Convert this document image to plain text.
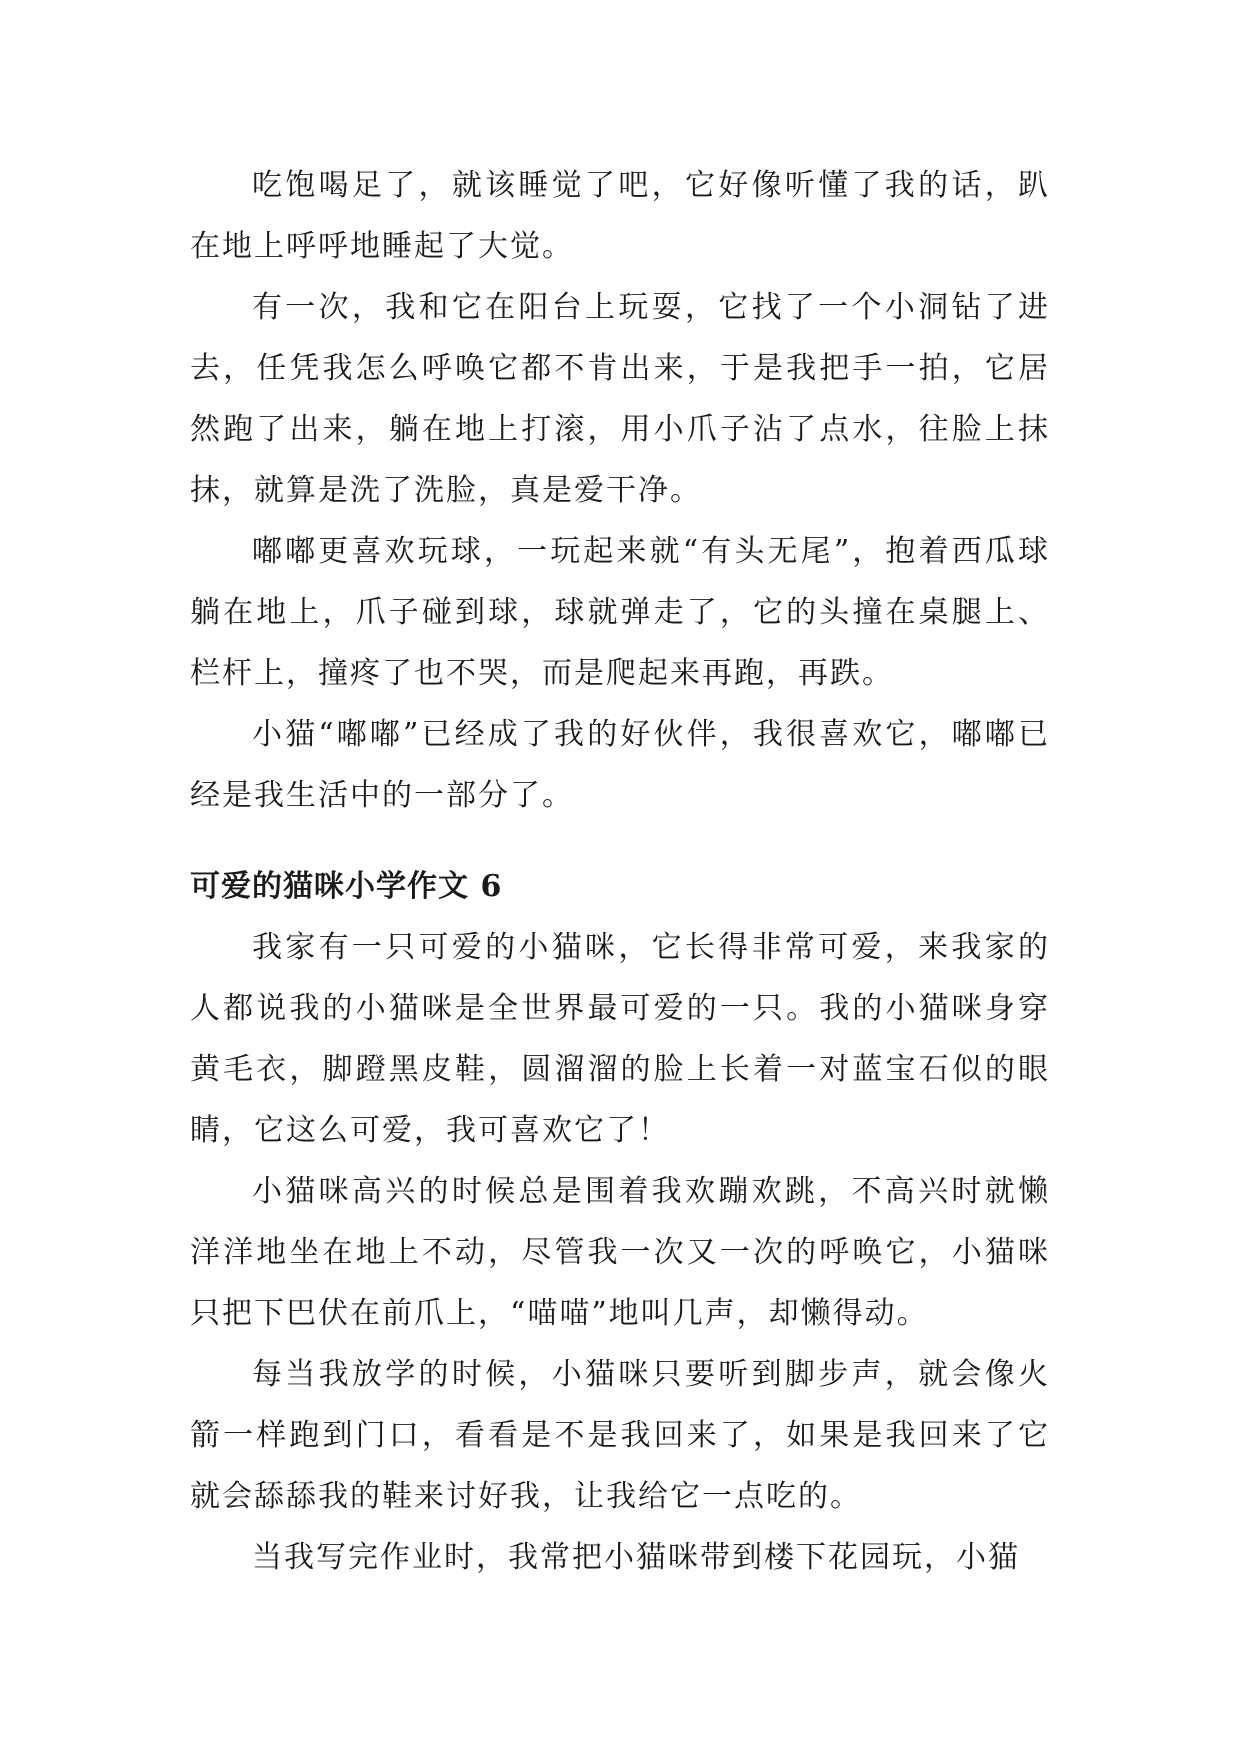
吃饱喝足了，就该睡觉了吧，它好像听懂了我的话，趴在地上呼呼地睡起了大觉。

有一次，我和它在阳台上玩耍，它找了一个小洞钻了进去，任凭我怎么呼唤它都不肯出来，于是我把手一拍，它居然跑了出来，躺在地上打滚，用小爪子沾了点水，往脸上抹抹，就算是洗了洗脸，真是爱干净。

嘟嘟更喜欢玩球，一玩起来就“有头无尾”，抱着西瓜球躺在地上，爪子碰到球，球就弹走了，它的头撞在桌腿上、栏杆上，撞疼了也不哭，而是爬起来再跑，再跌。

小猫“嘟嘟”已经成了我的好伙伴，我很喜欢它，嘟嘟已经是我生活中的一部分了。

可爱的猫咪小学作文 6

我家有一只可爱的小猫咪，它长得非常可爱，来我家的人都说我的小猫咪是全世界最可爱的一只。我的小猫咪身穿黄毛衣，脚蹬黑皮鞋，圆溜溜的脸上长着一对蓝宝石似的眼睛，它这么可爱，我可喜欢它了！

小猫咪高兴的时候总是围着我欢蹦欢跳，不高兴时就懒洋洋地坐在地上不动，尽管我一次又一次的呼唤它，小猫咪只把下巴伏在前爪上，“喵喵”地叫几声，却懒得动。

每当我放学的时候，小猫咪只要听到脚步声，就会像火箭一样跑到门口，看看是不是我回来了，如果是我回来了它就会舔舔我的鞋来讨好我，让我给它一点吃的。

当我写完作业时，我常把小猫咪带到楼下花园玩，小猫
